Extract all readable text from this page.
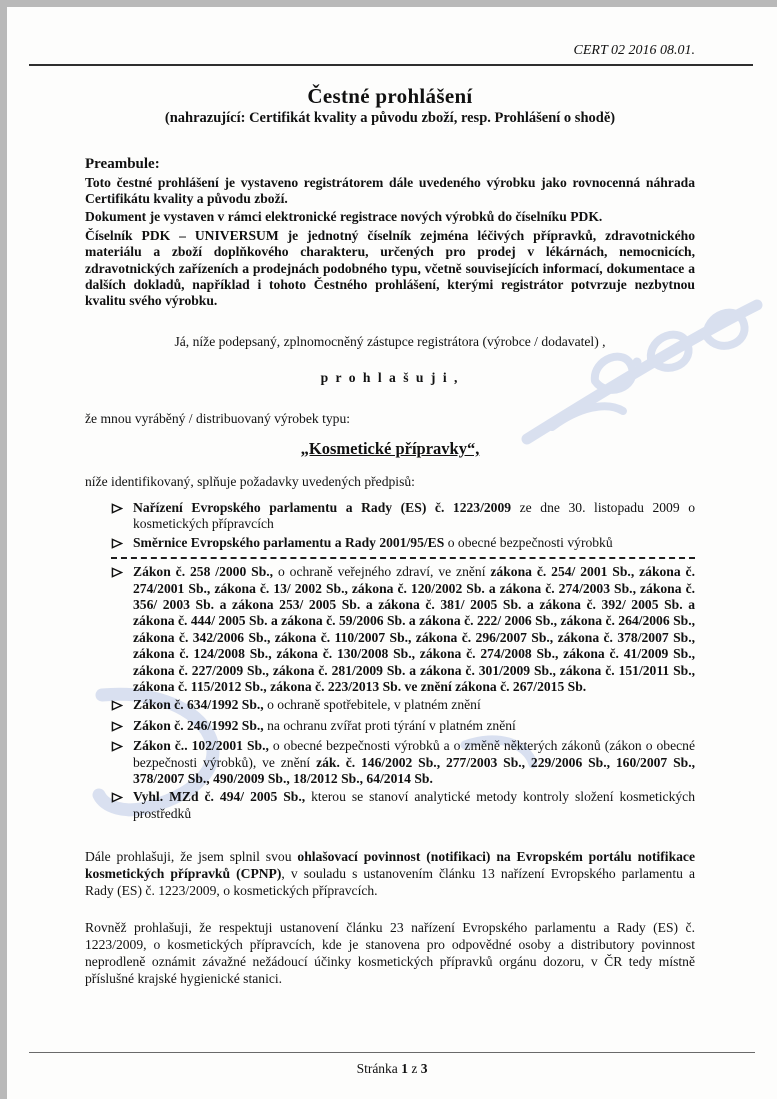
CERT 02 2016 08.01.
Čestné prohlášení
(nahrazující: Certifikát kvality a původu zboží, resp. Prohlášení o shodě)
Preambule:
Toto čestné prohlášení je vystaveno registrátorem dále uvedeného výrobku jako rovnocenná náhrada Certifikátu kvality a původu zboží.
Dokument je vystaven v rámci elektronické registrace nových výrobků do číselníku PDK.
Číselník PDK – UNIVERSUM je jednotný číselník zejména léčivých přípravků, zdravotnického materiálu a zboží doplňkového charakteru, určených pro prodej v lékárnách, nemocnicích, zdravotnických zařízeních a prodejnách podobného typu, včetně souvisejících informací, dokumentace a dalších dokladů, například i tohoto Čestného prohlášení, kterými registrátor potvrzuje nezbytnou kvalitu svého výrobku.
Já, níže podepsaný, zplnomocněný zástupce registrátora (výrobce / dodavatel) ,
p r o h l a š u j i ,
že mnou vyráběný / distribuovaný výrobek typu:
„Kosmetické přípravky“,
níže identifikovaný, splňuje požadavky uvedených předpisů:
Nařízení Evropského parlamentu a Rady (ES) č. 1223/2009 ze dne 30. listopadu 2009 o kosmetických přípravcích
Směrnice Evropského parlamentu a Rady 2001/95/ES o obecné bezpečnosti výrobků
Zákon č. 258 /2000 Sb., o ochraně veřejného zdraví, ve znění zákona č. 254/ 2001 Sb., zákona č. 274/2001 Sb., zákona č. 13/ 2002 Sb., zákona č. 120/2002 Sb. a zákona č. 274/2003 Sb., zákona č. 356/ 2003 Sb. a zákona 253/ 2005 Sb. a zákona č. 381/ 2005 Sb. a zákona č. 392/ 2005 Sb. a zákona č. 444/ 2005 Sb. a zákona č. 59/2006 Sb. a zákona č. 222/ 2006 Sb., zákona č. 264/2006 Sb., zákona č. 342/2006 Sb., zákona č. 110/2007 Sb., zákona č. 296/2007 Sb., zákona č. 378/2007 Sb., zákona č. 124/2008 Sb., zákona č. 130/2008 Sb., zákona č. 274/2008 Sb., zákona č. 41/2009 Sb., zákona č. 227/2009 Sb., zákona č. 281/2009 Sb. a zákona č. 301/2009 Sb., zákona č. 151/2011 Sb., zákona č. 115/2012 Sb., zákona č. 223/2013 Sb. ve znění zákona č. 267/2015 Sb.
Zákon č. 634/1992 Sb., o ochraně spotřebitele, v platném znění
Zákon č. 246/1992 Sb., na ochranu zvířat proti týrání v platném znění
Zákon č.. 102/2001 Sb., o obecné bezpečnosti výrobků a o změně některých zákonů (zákon o obecné bezpečnosti výrobků), ve znění zák. č. 146/2002 Sb., 277/2003 Sb., 229/2006 Sb., 160/2007 Sb., 378/2007 Sb., 490/2009 Sb., 18/2012 Sb., 64/2014 Sb.
Vyhl. MZd č. 494/ 2005 Sb., kterou se stanoví analytické metody kontroly složení kosmetických prostředků
Dále prohlašuji, že jsem splnil svou ohlašovací povinnost (notifikaci) na Evropském portálu notifikace kosmetických přípravků (CPNP), v souladu s ustanovením článku 13 nařízení Evropského parlamentu a Rady (ES) č. 1223/2009, o kosmetických přípravcích.
Rovněž prohlašuji, že respektuji ustanovení článku 23 nařízení Evropského parlamentu a Rady (ES) č. 1223/2009, o kosmetických přípravcích, kde je stanovena pro odpovědné osoby a distributory povinnost neprodleně oznámit závažné nežádoucí účinky kosmetických přípravků orgánu dozoru, v ČR tedy místně příslušné krajské hygienické stanici.
Stránka 1 z 3
